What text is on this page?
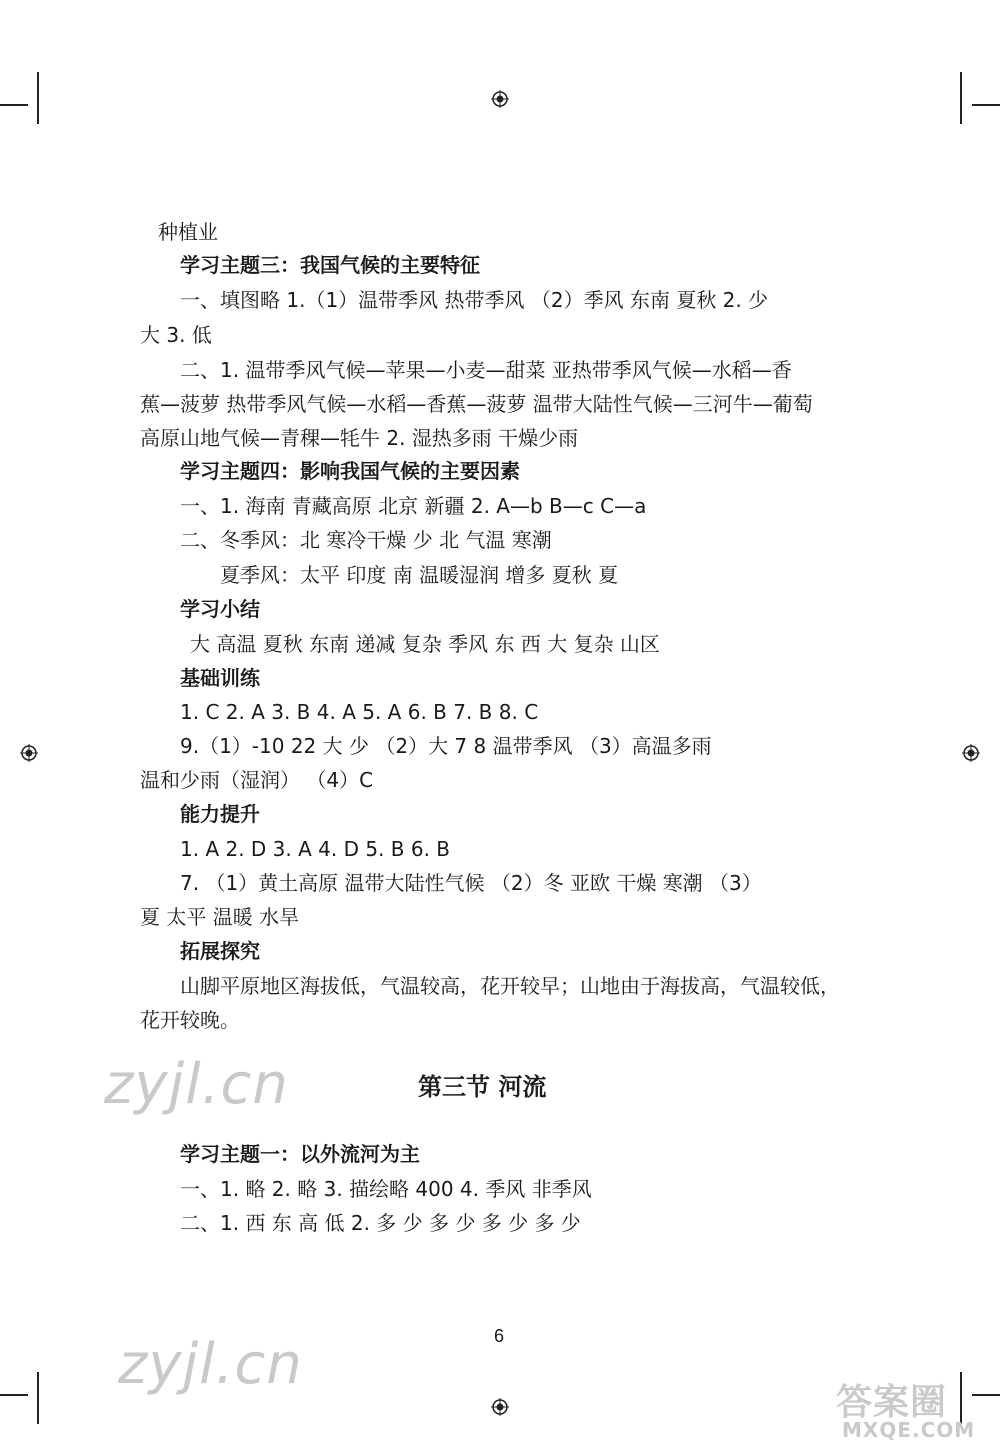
种植业
学习主题三：我国气候的主要特征
一、填图略 1.（1）温带季风 热带季风 （2）季风 东南 夏秋 2. 少
大 3. 低
二、1. 温带季风气候—苹果—小麦—甜菜 亚热带季风气候—水稻—香
蕉—菠萝 热带季风气候—水稻—香蕉—菠萝 温带大陆性气候—三河牛—葡萄
高原山地气候—青稞—牦牛 2. 湿热多雨 干燥少雨
学习主题四：影响我国气候的主要因素
一、1. 海南 青藏高原 北京 新疆 2. A—b B—c C—a
二、冬季风：北 寒冷干燥 少 北 气温 寒潮
夏季风：太平 印度 南 温暖湿润 增多 夏秋 夏
学习小结
大 高温 夏秋 东南 递减 复杂 季风 东 西 大 复杂 山区
基础训练
1. C 2. A 3. B 4. A 5. A 6. B 7. B 8. C
9.（1）-10 22 大 少 （2）大 7 8 温带季风 （3）高温多雨
温和少雨（湿润） （4）C
能力提升
1. A 2. D 3. A 4. D 5. B 6. B
7. （1）黄土高原 温带大陆性气候 （2）冬 亚欧 干燥 寒潮 （3）
夏 太平 温暖 水旱
拓展探究
山脚平原地区海拔低，气温较高，花开较早；山地由于海拔高，气温较低，
花开较晚。
第三节 河流
学习主题一：以外流河为主
一、1. 略 2. 略 3. 描绘略 400 4. 季风 非季风
二、1. 西 东 高 低 2. 多 少 多 少 多 少 多 少
6
zyjl.cn
zyjl.cn
答案圈
MXQE.COM
